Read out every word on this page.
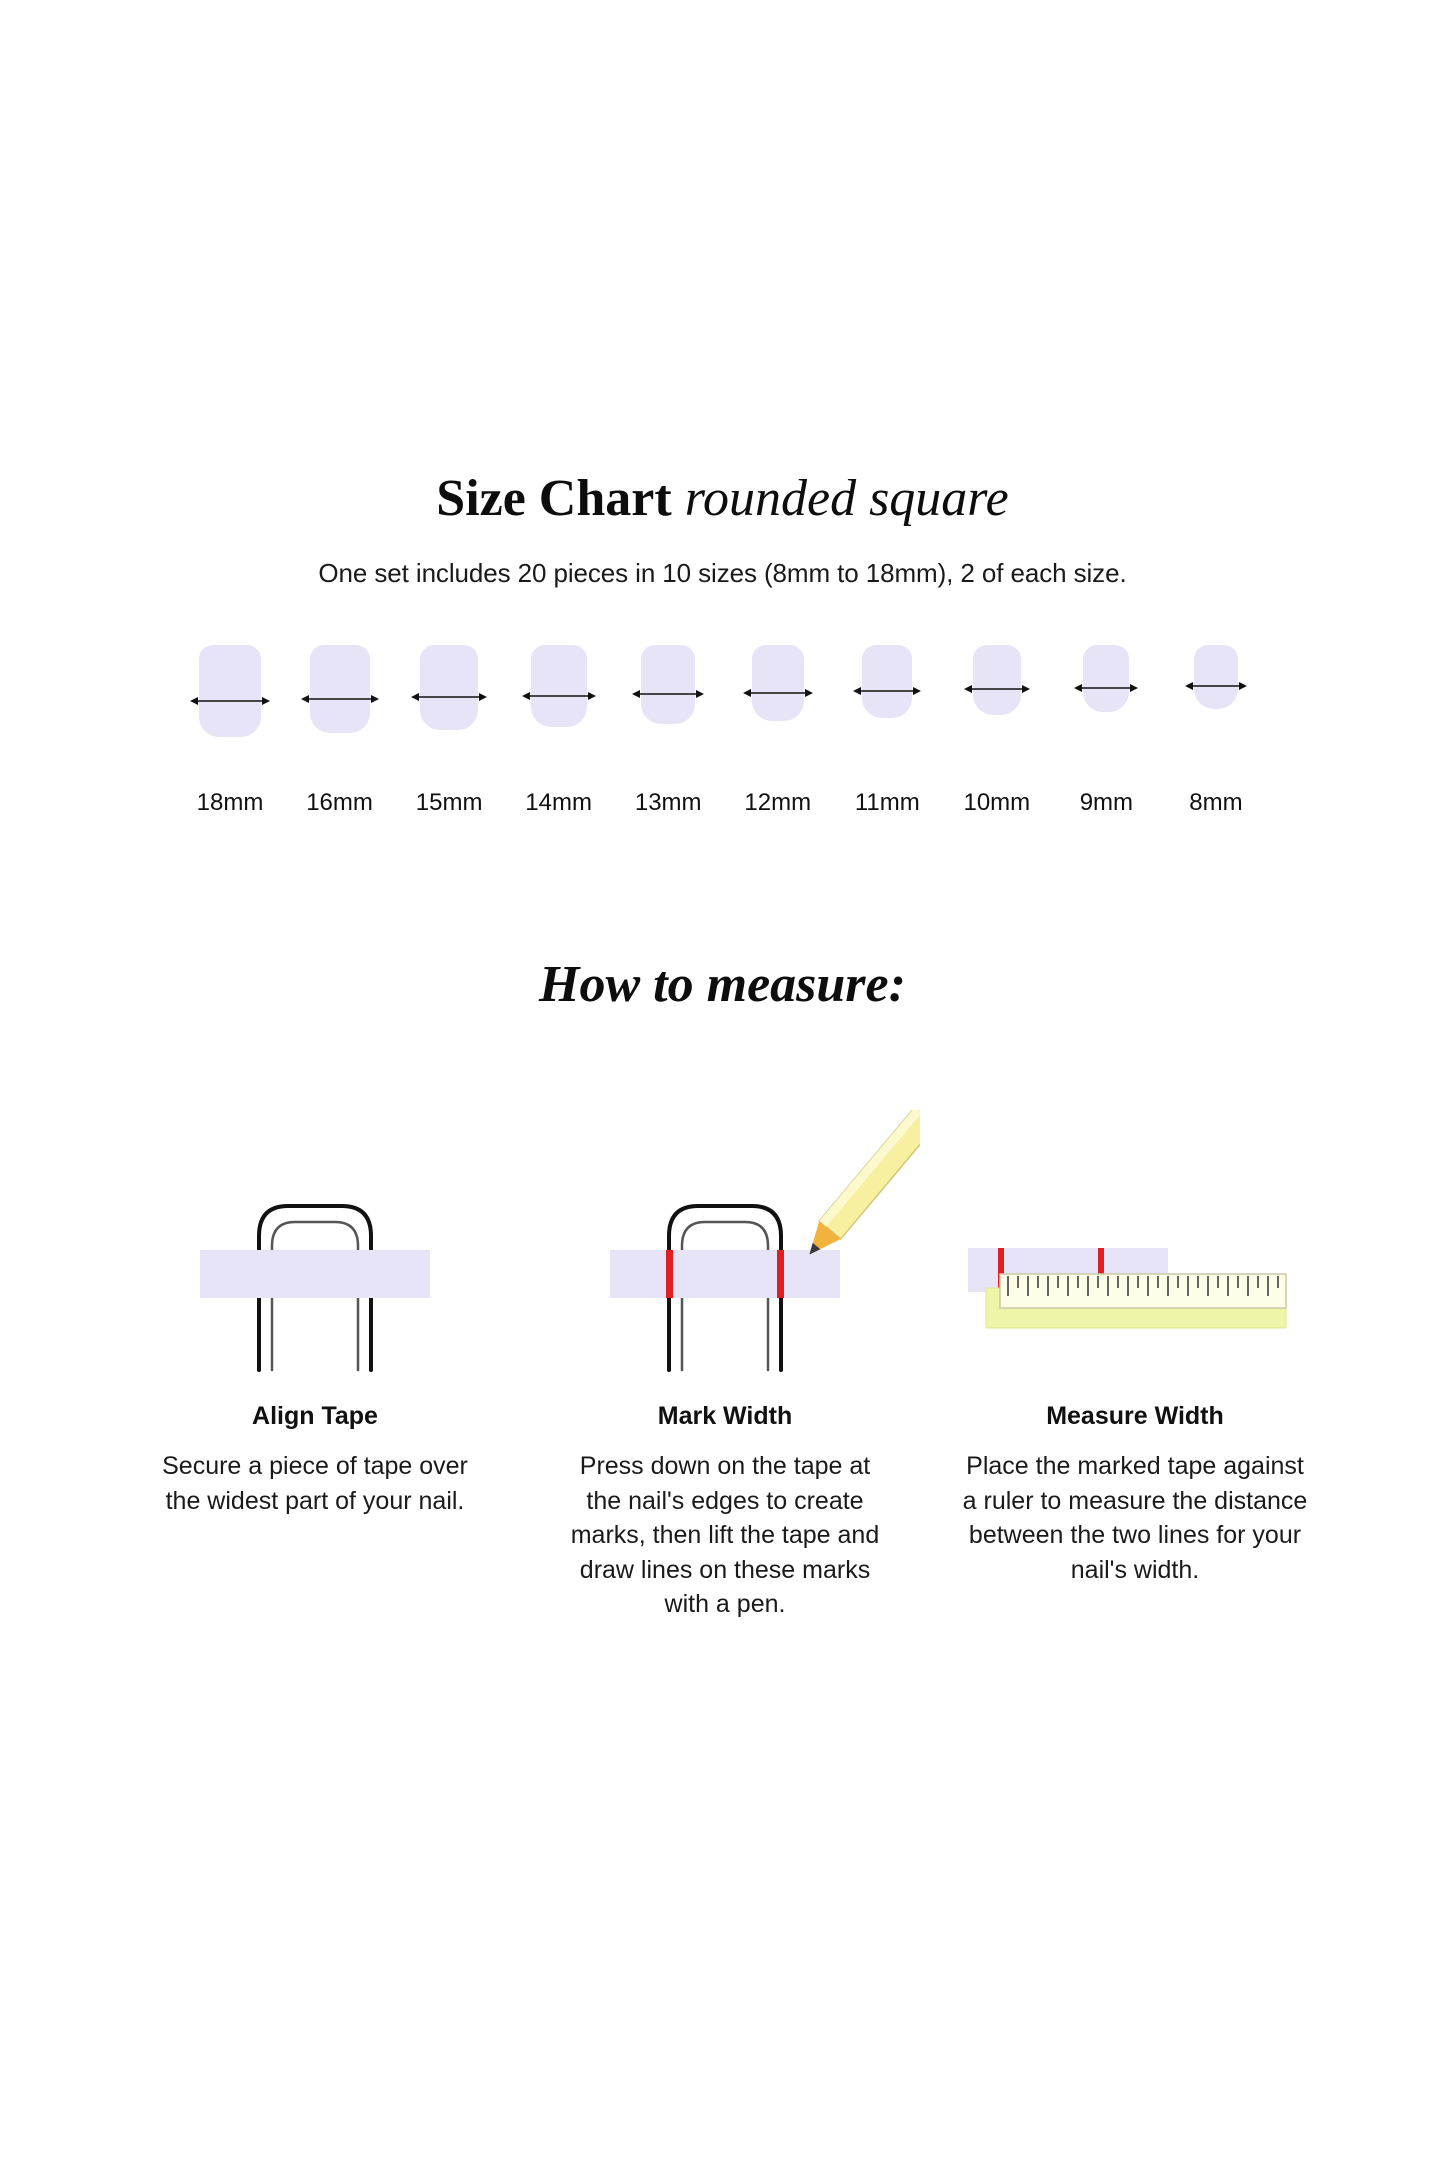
Size Chart rounded square
One set includes 20 pieces in 10 sizes (8mm to 18mm), 2 of each size.
18mm 16mm 15mm 14mm 13mm 12mm 11mm 10mm 9mm 8mm
How to measure:
Align Tape
Secure a piece of tape over the widest part of your nail.
Mark Width
Press down on the tape at the nail's edges to create marks, then lift the tape and draw lines on these marks with a pen.
Measure Width
Place the marked tape against a ruler to measure the distance between the two lines for your nail's width.
